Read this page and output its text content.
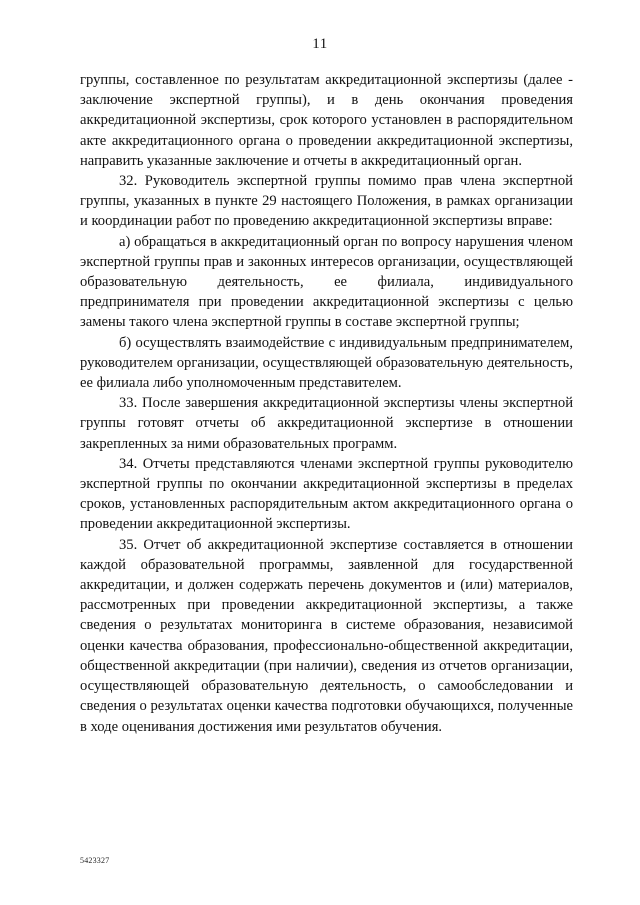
11

группы, составленное по результатам аккредитационной экспертизы (далее - заключение экспертной группы), и в день окончания проведения аккредитационной экспертизы, срок которого установлен в распорядительном акте аккредитационного органа о проведении аккредитационной экспертизы, направить указанные заключение и отчеты в аккредитационный орган.

32. Руководитель экспертной группы помимо прав члена экспертной группы, указанных в пункте 29 настоящего Положения, в рамках организации и координации работ по проведению аккредитационной экспертизы вправе:

а) обращаться в аккредитационный орган по вопросу нарушения членом экспертной группы прав и законных интересов организации, осуществляющей образовательную деятельность, ее филиала, индивидуального предпринимателя при проведении аккредитационной экспертизы с целью замены такого члена экспертной группы в составе экспертной группы;

б) осуществлять взаимодействие с индивидуальным предпринимателем, руководителем организации, осуществляющей образовательную деятельность, ее филиала либо уполномоченным представителем.

33. После завершения аккредитационной экспертизы члены экспертной группы готовят отчеты об аккредитационной экспертизе в отношении закрепленных за ними образовательных программ.

34. Отчеты представляются членами экспертной группы руководителю экспертной группы по окончании аккредитационной экспертизы в пределах сроков, установленных распорядительным актом аккредитационного органа о проведении аккредитационной экспертизы.

35. Отчет об аккредитационной экспертизе составляется в отношении каждой образовательной программы, заявленной для государственной аккредитации, и должен содержать перечень документов и (или) материалов, рассмотренных при проведении аккредитационной экспертизы, а также сведения о результатах мониторинга в системе образования, независимой оценки качества образования, профессионально-общественной аккредитации, общественной аккредитации (при наличии), сведения из отчетов организации, осуществляющей образовательную деятельность, о самообследовании и сведения о результатах оценки качества подготовки обучающихся, полученные в ходе оценивания достижения ими результатов обучения.

5423327
